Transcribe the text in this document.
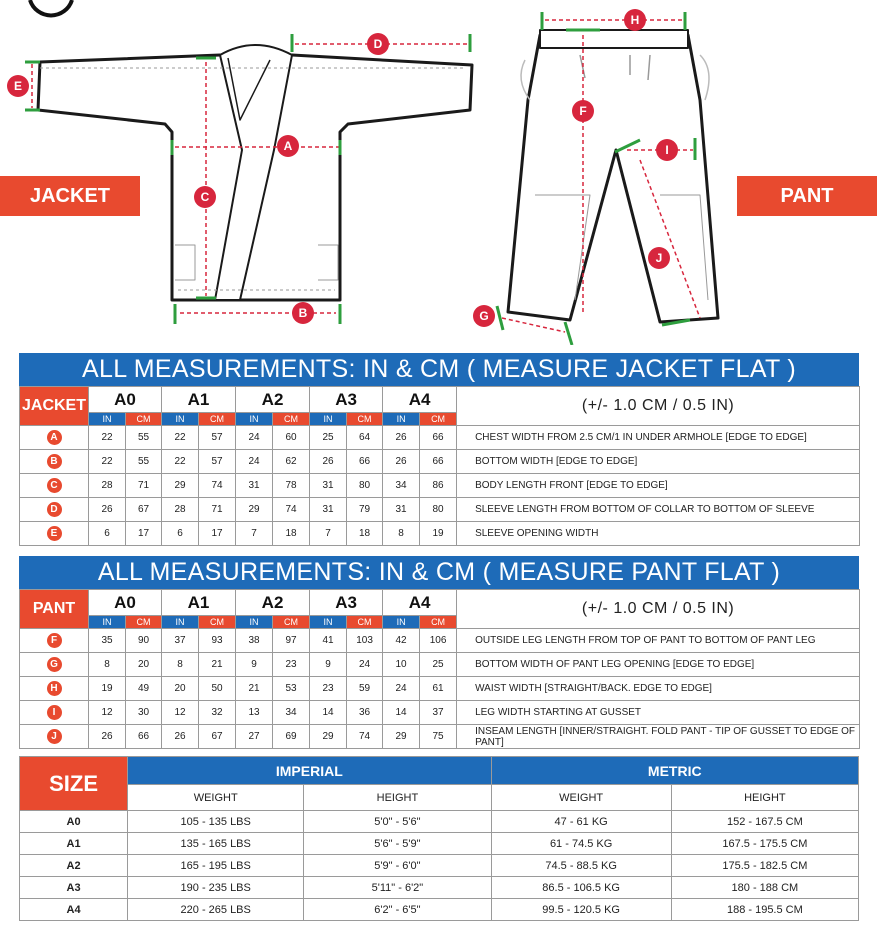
A
B
C
D
E
F
G
H
I
J
JACKET	PANT
ALL MEASUREMENTS: IN & CM ( MEASURE JACKET FLAT )
JACKET	A0		A1		A2		A3		A4		(+/- 1.0 CM / 0.5 IN)
	IN	CM	IN	CM	IN	CM	IN	CM	IN	CM	
A	22	55	22	57	24	60	25	64	26	66	CHEST WIDTH FROM 2.5 CM/1 IN UNDER ARMHOLE [EDGE TO EDGE]
B	22	55	22	57	24	62	26	66	26	66	BOTTOM WIDTH [EDGE TO EDGE]
C	28	71	29	74	31	78	31	80	34	86	BODY LENGTH FRONT [EDGE TO EDGE]
D	26	67	28	71	29	74	31	79	31	80	SLEEVE LENGTH FROM BOTTOM OF COLLAR TO BOTTOM OF SLEEVE
E	6	17	6	17	7	18	7	18	8	19	SLEEVE OPENING WIDTH
ALL MEASUREMENTS: IN & CM ( MEASURE PANT FLAT )
PANT	A0		A1		A2		A3		A4		(+/- 1.0 CM / 0.5 IN)
	IN	CM	IN	CM	IN	CM	IN	CM	IN	CM	
F	35	90	37	93	38	97	41	103	42	106	OUTSIDE LEG LENGTH FROM TOP OF PANT TO BOTTOM OF PANT LEG
G	8	20	8	21	9	23	9	24	10	25	BOTTOM WIDTH OF PANT LEG OPENING [EDGE TO EDGE]
H	19	49	20	50	21	53	23	59	24	61	WAIST WIDTH [STRAIGHT/BACK. EDGE TO EDGE]
I	12	30	12	32	13	34	14	36	14	37	LEG WIDTH STARTING AT GUSSET
J	26	66	26	67	27	69	29	74	29	75	INSEAM LENGTH [INNER/STRAIGHT. FOLD PANT - TIP OF GUSSET TO EDGE OF PANT]
SIZE	IMPERIAL		METRIC	
	WEIGHT	HEIGHT	WEIGHT	HEIGHT
A0	105 - 135 LBS	5'0" - 5'6"	47 - 61 KG	152 - 167.5 CM
A1	135 - 165 LBS	5'6" - 5'9"	61 - 74.5 KG	167.5 - 175.5 CM
A2	165 - 195 LBS	5'9" - 6'0"	74.5 - 88.5 KG	175.5 - 182.5 CM
A3	190 - 235 LBS	5'11" - 6'2"	86.5 - 106.5 KG	180 - 188 CM
A4	220 - 265 LBS	6'2" - 6'5"	99.5 - 120.5 KG	188 - 195.5 CM
